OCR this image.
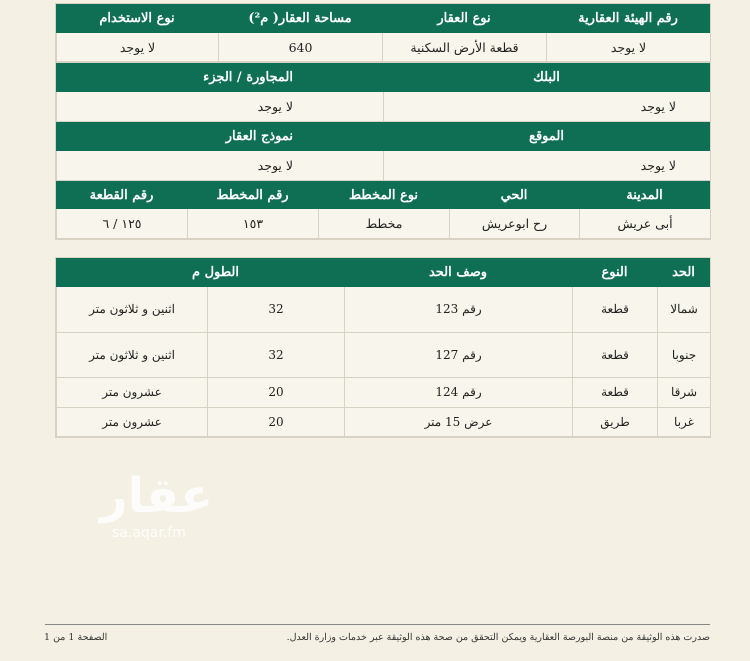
رقم الهيئة العقارية
نوع العقار
مساحة العقار( م²)
نوع الاستخدام
لا يوجد
قطعة الأرض السكنية
640
لا يوجد
البلك
المجاورة / الجزء
لا يوجد
لا يوجد
الموقع
نموذج العقار
لا يوجد
لا يوجد
المدينة
الحي
نوع المخطط
رقم المخطط
رقم القطعة
أبى عريش
رح ابوعريش
مخطط
١٥٣
١٢٥ / ٦
الحد
النوع
وصف الحد
الطول م
شمالا
قطعة
رقم 123
32
اثنين و ثلاثون متر
جنوبا
قطعة
رقم 127
32
اثنين و ثلاثون متر
شرقا
قطعة
رقم 124
20
عشرون متر
غربا
طريق
عرض 15 متر
20
عشرون متر
عقار
sa.aqar.fm
صدرت هذه الوثيقة من منصة البورصة العقارية ويمكن التحقق من صحة هذه الوثيقة عبر خدمات وزارة العدل.
الصفحة 1 من 1
